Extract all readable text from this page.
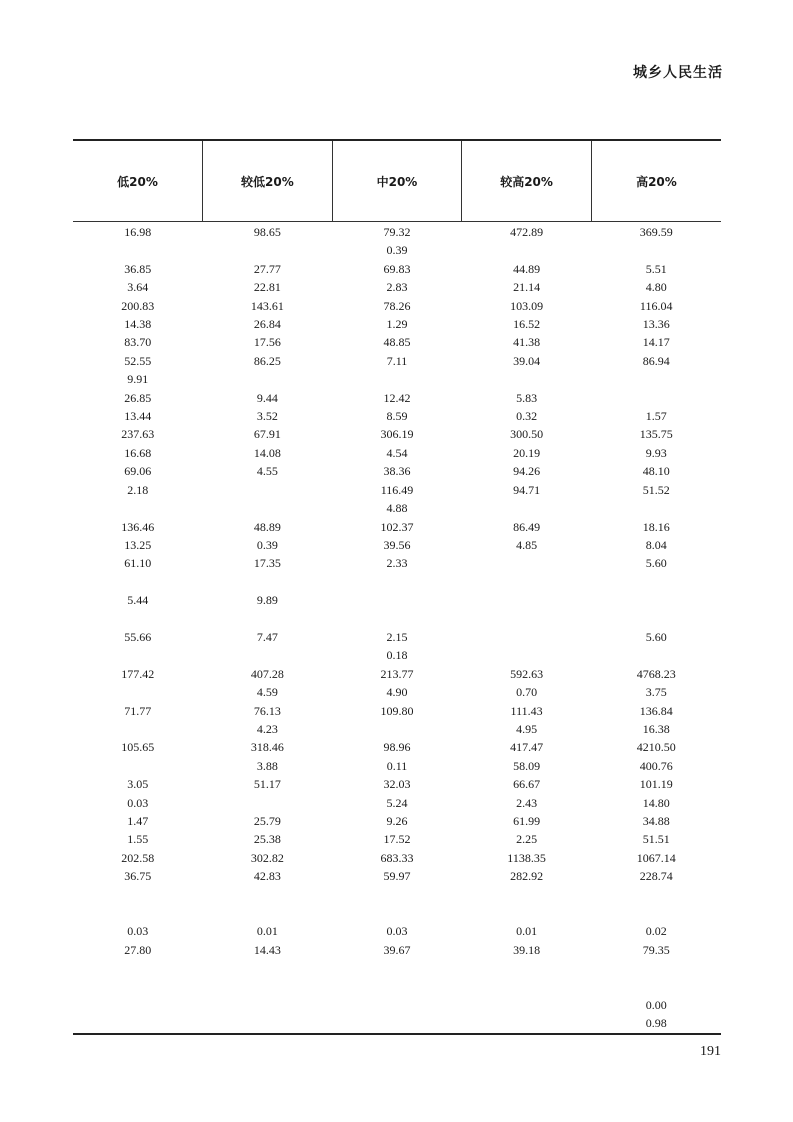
城乡人民生活
低20%	较低20%	中20%	较高20%	高20%
16.98	98.65	79.32	472.89	369.59
		0.39		
36.85	27.77	69.83	44.89	5.51
3.64	22.81	2.83	21.14	4.80
200.83	143.61	78.26	103.09	116.04
14.38	26.84	1.29	16.52	13.36
83.70	17.56	48.85	41.38	14.17
52.55	86.25	7.11	39.04	86.94
9.91				
26.85	9.44	12.42	5.83	
13.44	3.52	8.59	0.32	1.57
237.63	67.91	306.19	300.50	135.75
16.68	14.08	4.54	20.19	9.93
69.06	4.55	38.36	94.26	48.10
2.18		116.49	94.71	51.52
		4.88		
136.46	48.89	102.37	86.49	18.16
13.25	0.39	39.56	4.85	8.04
61.10	17.35	2.33		5.60

5.44	9.89			

55.66	7.47	2.15		5.60
		0.18		
177.42	407.28	213.77	592.63	4768.23
	4.59	4.90	0.70	3.75
71.77	76.13	109.80	111.43	136.84
	4.23		4.95	16.38
105.65	318.46	98.96	417.47	4210.50
	3.88	0.11	58.09	400.76
3.05	51.17	32.03	66.67	101.19
0.03		5.24	2.43	14.80
1.47	25.79	9.26	61.99	34.88
1.55	25.38	17.52	2.25	51.51
202.58	302.82	683.33	1138.35	1067.14
36.75	42.83	59.97	282.92	228.74

0.03	0.01	0.03	0.01	0.02
27.80	14.43	39.67	39.18	79.35

				0.00
				0.98
191
